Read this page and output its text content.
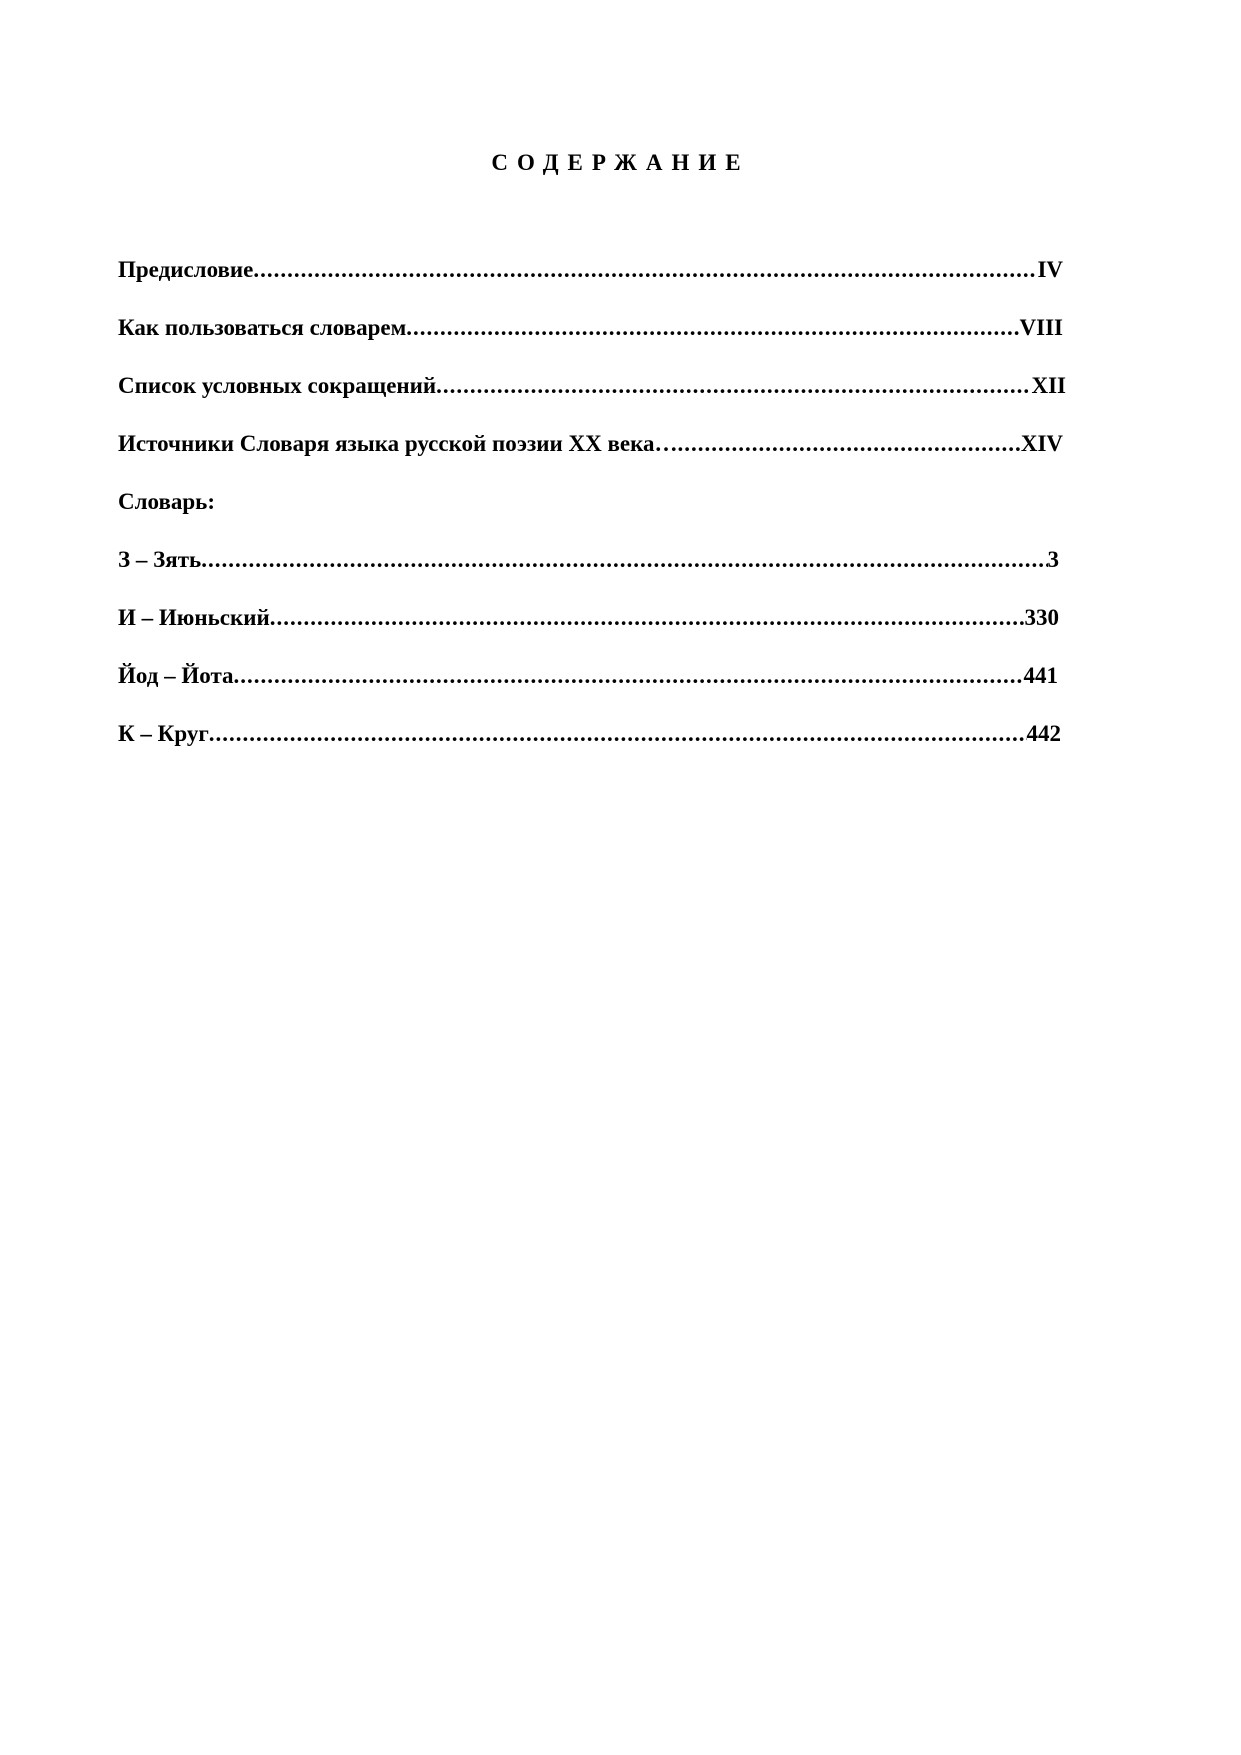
СОДЕРЖАНИЕ
Предисловие .....	IV
Как пользоваться словарем .....	VIII
Список условных сокращений .....	XII
Источники Словаря языка русской поэзии XX века… .....	XIV
Словарь:
З – Зять .....	3
И – Июньский .....	330
Йод – Йота .....	441
К – Круг .....	442
